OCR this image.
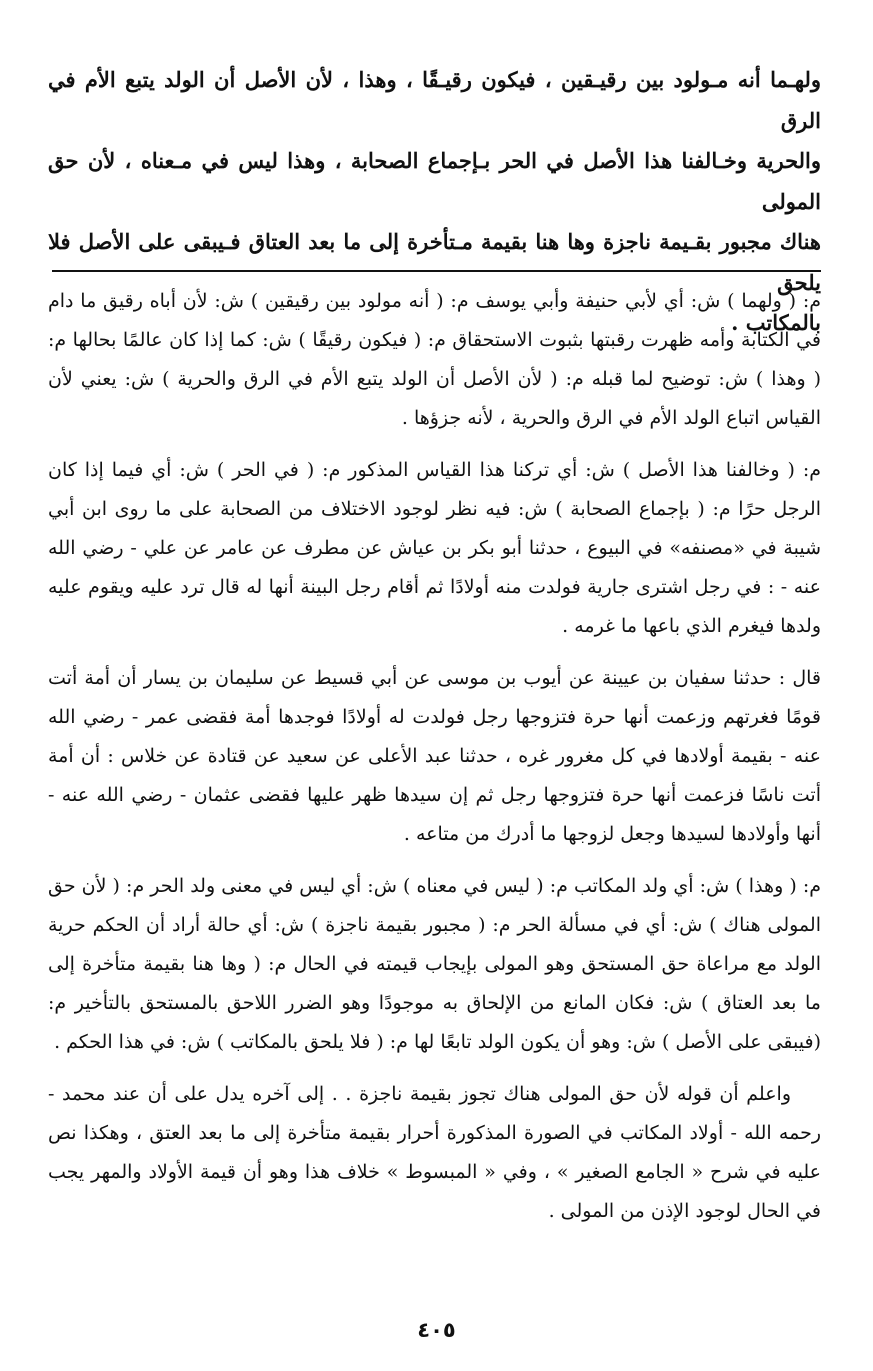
ولهـما أنه مـولود بين رقيـقين ، فيكون رقيـقًا ، وهذا ، لأن الأصل أن الولد يتبع الأم في الرق

والحرية وخـالفنا هذا الأصل في الحر بـإجماع الصحابة ، وهذا ليس في مـعناه ، لأن حق المولى

هناك مجبور بقـيمة ناجزة وها هنا بقيمة مـتأخرة إلى ما بعد العتاق فـيبقى على الأصل فلا يلحق

بالمكاتب .

م: ( ولهما ) ش: أي لأبي حنيفة وأبي يوسف م: ( أنه مولود بين رقيقين ) ش: لأن أباه رقيق ما دام في الكتابة وأمه ظهرت رقبتها بثبوت الاستحقاق م: ( فيكون رقيقًا ) ش: كما إذا كان عالمًا بحالها م: ( وهذا ) ش: توضيح لما قبله م: ( لأن الأصل أن الولد يتبع الأم في الرق والحرية ) ش: يعني لأن القياس اتباع الولد الأم في الرق والحرية ، لأنه جزؤها .

م: ( وخالفنا هذا الأصل ) ش: أي تركنا هذا القياس المذكور م: ( في الحر ) ش: أي فيما إذا كان الرجل حرًا م: ( بإجماع الصحابة ) ش: فيه نظر لوجود الاختلاف من الصحابة على ما روى ابن أبي شيبة في «مصنفه» في البيوع ، حدثنا أبو بكر بن عياش عن مطرف عن عامر عن علي - رضي الله عنه - : في رجل اشترى جارية فولدت منه أولادًا ثم أقام رجل البينة أنها له قال ترد عليه ويقوم عليه ولدها فيغرم الذي باعها ما غرمه .

قال : حدثنا سفيان بن عيينة عن أيوب بن موسى عن أبي قسيط عن سليمان بن يسار أن أمة أتت قومًا فغرتهم وزعمت أنها حرة فتزوجها رجل فولدت له أولادًا فوجدها أمة فقضى عمر - رضي الله عنه - بقيمة أولادها في كل مغرور غره ، حدثنا عبد الأعلى عن سعيد عن قتادة عن خلاس : أن أمة أتت ناسًا فزعمت أنها حرة فتزوجها رجل ثم إن سيدها ظهر عليها فقضى عثمان - رضي الله عنه - أنها وأولادها لسيدها وجعل لزوجها ما أدرك من متاعه .

م: ( وهذا ) ش: أي ولد المكاتب م: ( ليس في معناه ) ش: أي ليس في معنى ولد الحر م: ( لأن حق المولى هناك ) ش: أي في مسألة الحر م: ( مجبور بقيمة ناجزة ) ش: أي حالة أراد أن الحكم حرية الولد مع مراعاة حق المستحق وهو المولى بإيجاب قيمته في الحال م: ( وها هنا بقيمة متأخرة إلى ما بعد العتاق ) ش: فكان المانع من الإلحاق به موجودًا وهو الضرر اللاحق بالمستحق بالتأخير م: (فيبقى على الأصل ) ش: وهو أن يكون الولد تابعًا لها م: ( فلا يلحق بالمكاتب ) ش: في هذا الحكم .

واعلم أن قوله لأن حق المولى هناك تجوز بقيمة ناجزة . . إلى آخره يدل على أن عند محمد - رحمه الله - أولاد المكاتب في الصورة المذكورة أحرار بقيمة متأخرة إلى ما بعد العتق ، وهكذا نص عليه في شرح « الجامع الصغير » ، وفي « المبسوط » خلاف هذا وهو أن قيمة الأولاد والمهر يجب في الحال لوجود الإذن من المولى .

٤٠٥
